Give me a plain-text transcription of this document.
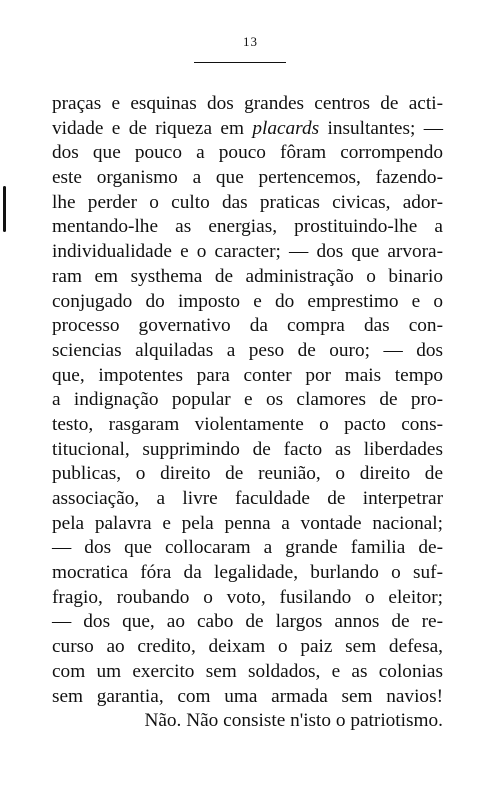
13
praças e esquinas dos grandes centros de acti-
vidade e de riqueza em placards insultantes; —
dos que pouco a pouco fôram corrompendo
este organismo a que pertencemos, fazendo-
lhe perder o culto das praticas civicas, ador-
mentando-lhe as energias, prostituindo-lhe a
individualidade e o caracter; — dos que arvora-
ram em systhema de administração o binario
conjugado do imposto e do emprestimo e o
processo governativo da compra das con-
sciencias alquiladas a peso de ouro; — dos
que, impotentes para conter por mais tempo
a indignação popular e os clamores de pro-
testo, rasgaram violentamente o pacto cons-
titucional, supprimindo de facto as liberdades
publicas, o direito de reunião, o direito de
associação, a livre faculdade de interpetrar
pela palavra e pela penna a vontade nacional;
— dos que collocaram a grande familia de-
mocratica fóra da legalidade, burlando o suf-
fragio, roubando o voto, fusilando o eleitor;
— dos que, ao cabo de largos annos de re-
curso ao credito, deixam o paiz sem defesa,
com um exercito sem soldados, e as colonias
sem garantia, com uma armada sem navios!
Não. Não consiste n'isto o patriotismo.
